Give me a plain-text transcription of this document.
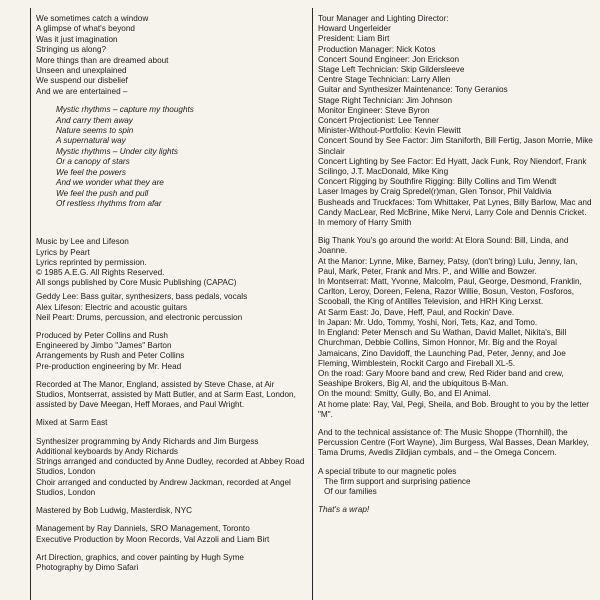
We sometimes catch a window
A glimpse of what's beyond
Was it just imagination
Stringing us along?
More things than are dreamed about
Unseen and unexplained
We suspend our disbelief
And we are entertained –
Mystic rhythms – capture my thoughts
And carry them away
Nature seems to spin
A supernatural way
Mystic rhythms – Under city lights
Or a canopy of stars
We feel the powers
And we wonder what they are
We feel the push and pull
Of restless rhythms from afar
Music by Lee and Lifeson
Lyrics by Peart
Lyrics reprinted by permission.
© 1985 A.E.G. All Rights Reserved.
All songs published by Core Music Publishing (CAPAC)
Geddy Lee: Bass guitar, synthesizers, bass pedals, vocals
Alex Lifeson: Electric and acoustic guitars
Neil Peart: Drums, percussion, and electronic percussion
Produced by Peter Collins and Rush
Engineered by Jimbo "James" Barton
Arrangements by Rush and Peter Collins
Pre-production engineering by Mr. Head
Recorded at The Manor, England, assisted by Steve Chase, at Air Studios, Montserrat, assisted by Matt Butler, and at Sarm East, London, assisted by Dave Meegan, Heff Moraes, and Paul Wright.
Mixed at Sarm East
Synthesizer programming by Andy Richards and Jim Burgess
Additional keyboards by Andy Richards
Strings arranged and conducted by Anne Dudley, recorded at Abbey Road Studios, London
Choir arranged and conducted by Andrew Jackman, recorded at Angel Studios, London
Mastered by Bob Ludwig, Masterdisk, NYC
Management by Ray Danniels, SRO Management, Toronto
Executive Production by Moon Records, Val Azzoli and Liam Birt
Art Direction, graphics, and cover painting by Hugh Syme
Photography by Dimo Safari
Tour Manager and Lighting Director:
Howard Ungerleider
President: Liam Birt
Production Manager: Nick Kotos
Concert Sound Engineer: Jon Erickson
Stage Left Technician: Skip Gildersleeve
Centre Stage Technician: Larry Allen
Guitar and Synthesizer Maintenance: Tony Geranios
Stage Right Technician: Jim Johnson
Monitor Engineer: Steve Byron
Concert Projectionist: Lee Tenner
Minister-Without-Portfolio: Kevin Flewitt
Concert Sound by See Factor: Jim Staniforth, Bill Fertig, Jason Morrie, Mike Sinclair
Concert Lighting by See Factor: Ed Hyatt, Jack Funk, Roy Niendorf, Frank Scilingo, J.T. MacDonald, Mike King
Concert Rigging by Southfire Rigging: Billy Collins and Tim Wendt
Laser Images by Craig Spredel(r)man, Glen Tonsor, Phil Valdivia
Busheads and Truckfaces: Tom Whittaker, Pat Lynes, Billy Barlow, Mac and Candy MacLear, Red McBrine, Mike Nervi, Larry Cole and Dennis Cricket.
In memory of Harry Smith
Big Thank You's go around the world: At Elora Sound: Bill, Linda, and Joanne.
At the Manor: Lynne, Mike, Barney, Patsy, (don't bring) Lulu, Jenny, Ian, Paul, Mark, Peter, Frank and Mrs. P., and Willie and Bowzer.
In Montserrat: Matt, Yvonne, Malcolm, Paul, George, Desmond, Franklin, Carlton, Leroy, Doreen, Felena, Razor Willie, Bosun, Veston, Fosforos, Scooball, the King of Antilles Television, and HRH King Lerxst.
At Sarm East: Jo, Dave, Heff, Paul, and Rockin' Dave.
In Japan: Mr. Udo, Tommy, Yoshi, Nori, Tets, Kaz, and Tomo.
In England: Peter Mensch and Su Wathan, David Mallet, Nikita's, Bill Churchman, Debbie Collins, Simon Honnor, Mr. Big and the Royal Jamaicans, Zino Davidoff, the Launching Pad, Peter, Jenny, and Joe Fleming, Wimblestein, Rockit Cargo and Fireball XL-5.
On the road: Gary Moore band and crew, Red Rider band and crew, Seashipe Brokers, Big Al, and the ubiquitous B-Man.
On the mound: Smitty, Gully, Bo, and El Animal.
At home plate: Ray, Val, Pegi, Sheila, and Bob. Brought to you by the letter "M".
And to the technical assistance of: The Music Shoppe (Thornhill), the Percussion Centre (Fort Wayne), Jim Burgess, Wal Basses, Dean Markley, Tama Drums, Avedis Zildjian cymbals, and – the Omega Concern.
A special tribute to our magnetic poles
The firm support and surprising patience
Of our families
That's a wrap!
